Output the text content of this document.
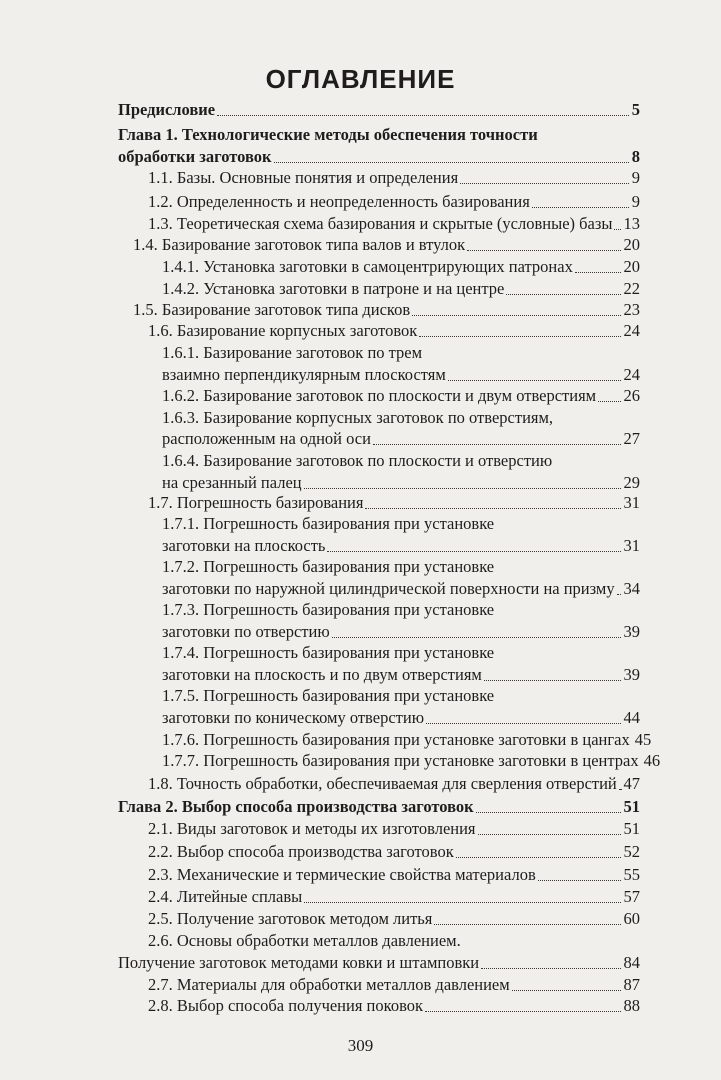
ОГЛАВЛЕНИЕ
Предисловие	5
Глава 1. Технологические методы обеспечения точности
обработки заготовок	8
1.1. Базы. Основные понятия и определения	9
1.2. Определенность и неопределенность базирования	9
1.3. Теоретическая схема базирования и скрытые (условные) базы 13
1.4. Базирование заготовок типа валов и втулок	20
1.4.1. Установка заготовки в самоцентрирующих патронах	20
1.4.2. Установка заготовки в патроне и на центре	22
1.5. Базирование заготовок типа дисков	23
1.6. Базирование корпусных заготовок	24
1.6.1. Базирование заготовок по трем
взаимно перпендикулярным плоскостям	24
1.6.2. Базирование заготовок по плоскости и двум отверстиям 26
1.6.3. Базирование корпусных заготовок по отверстиям,
расположенным на одной оси	27
1.6.4. Базирование заготовок по плоскости и отверстию
на срезанный палец	29
1.7. Погрешность базирования	31
1.7.1. Погрешность базирования при установке
заготовки на плоскость	31
1.7.2. Погрешность базирования при установке
заготовки по наружной цилиндрической поверхности на призму 34
1.7.3. Погрешность базирования при установке
заготовки по отверстию	39
1.7.4. Погрешность базирования при установке
заготовки на плоскость и по двум отверстиям	39
1.7.5. Погрешность базирования при установке
заготовки по коническому отверстию	44
1.7.6. Погрешность базирования при установке заготовки в цангах 45
1.7.7. Погрешность базирования при установке заготовки в центрах 46
1.8. Точность обработки, обеспечиваемая для сверления отверстий 47
Глава 2. Выбор способа производства заготовок	51
2.1. Виды заготовок и методы их изготовления	51
2.2. Выбор способа производства заготовок	52
2.3. Механические и термические свойства материалов	55
2.4. Литейные сплавы	57
2.5. Получение заготовок методом литья	60
2.6. Основы обработки металлов давлением.
Получение заготовок методами ковки и штамповки	84
2.7. Материалы для обработки металлов давлением	87
2.8. Выбор способа получения поковок	88
309
